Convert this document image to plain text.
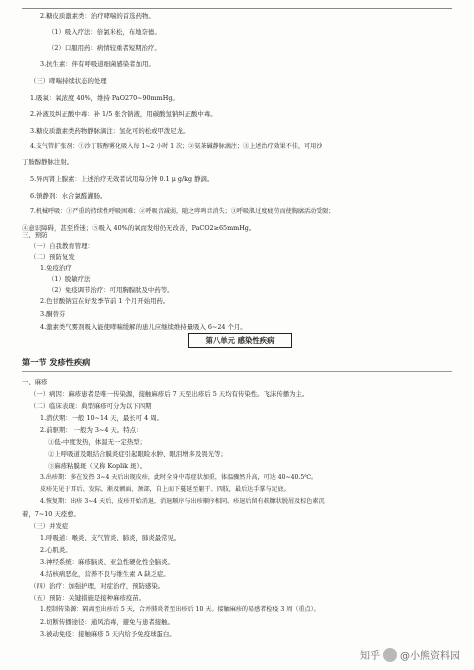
2.糖皮质激素类：治疗哮喘的首选药物。
（1）吸入疗法：倍氯米松，布地奈德。
（2）口服用药：病情较重者短期治疗。
3.抗生素：伴有呼吸道细菌感染者加用。
（三）哮喘持续状态的处理
1.吸氧：氧浓度 40%，维持 PaO270~90mmHg。
2.补液及纠正酸中毒：补 1/5 张含钠液，用碳酸氢钠纠正酸中毒。
3.糖皮质激素类药物静脉滴注：氢化可的松或甲泼尼龙。
4.支气管扩张剂：①沙丁胺醇雾化吸入每 1~2 小时 1 次；②氨茶碱静脉滴注；③上述治疗效果不佳，可用沙
丁胺醇静脉注射。
5.异丙肾上腺素：上述治疗无效者试用每分钟 0.1 μ g/kg 静滴。
6.镇静剂：水合氯醛灌肠。
7.机械呼吸：①严重的持续性呼吸困难；②呼吸音减弱，随之哮鸣音消失；③呼吸肌过度疲劳而使胸廓活动受限；
④意识障碍，甚至昏迷；⑤吸入 40%的氧而发绀仍无改善，PaCO2≥65mmHg。
三、预防
（一）自我教育管理：
（二）预防复发
1.免疫治疗
（1）脱敏疗法
（2）免疫调节治疗：可用胸腺肽及中药等。
第八单元 感染性疾病
第一节 发疹性疾病
一、麻疹
（一）病因：麻疹患者是唯一传染源，接触麻疹后 7 天至出疹后 5 天均有传染性。飞沫传播为主。
（二）临床表现：典型麻疹可分为以下四期
1.潜伏期：一般 10~14 天，最长可 4 周。
2.前驱期： 一般为 3~4 天。特点：
①低-中度发热，体温无一定热型；
②上呼吸道及眼结合膜炎症引起眼睑水肿、眼泪增多及畏光等；
③麻疹粘膜斑（又称 Koplik 斑）。
3.出疹期：多在发热 3~4 天后出现皮疹，此时全身中毒症状加重，体温骤然升高，可达 40~40.5℃。
皮疹先见于耳后、发际，渐及额面、颈部，自上而下蔓延至躯干、四肢，最后达手掌与足底。
4.恢复期：出疹 3~4 天后，皮疹开始消退，消退顺序与出疹顺序相同。疹退后留有麸糠状脱屑及棕色素沉
着，7~10 天痊愈。
（三）并发症
1.呼吸道：喉炎、支气管炎、肺炎，肺炎最常见。
2.心肌炎。
3.神经系统：麻疹脑炎、亚急性硬化性全脑炎。
4.结核病恶化，营养不良与维生素 A 缺乏症。
（四）治疗：加强护理，对症治疗，预防感染。
（五）预防：关键措施是接种麻疹疫苗。
1.控制传染源：隔离至出疹后 5 天，合并肺炎者至出疹后 10 天。接触麻疹的易感者检疫 3 周（重点）。
2.切断传播途径：通风消毒，避免与患者接触。
3.被动免疫：接触麻疹 5 天内给予免疫球蛋白。
知乎 @小熊资料园
2.色甘酸钠宜在好发季节前 1 个月开始用药。
3.酮替芬
4.激素类气雾剂吸入能使哮喘缓解的患儿应继续维持量吸入 6~24 个月。
